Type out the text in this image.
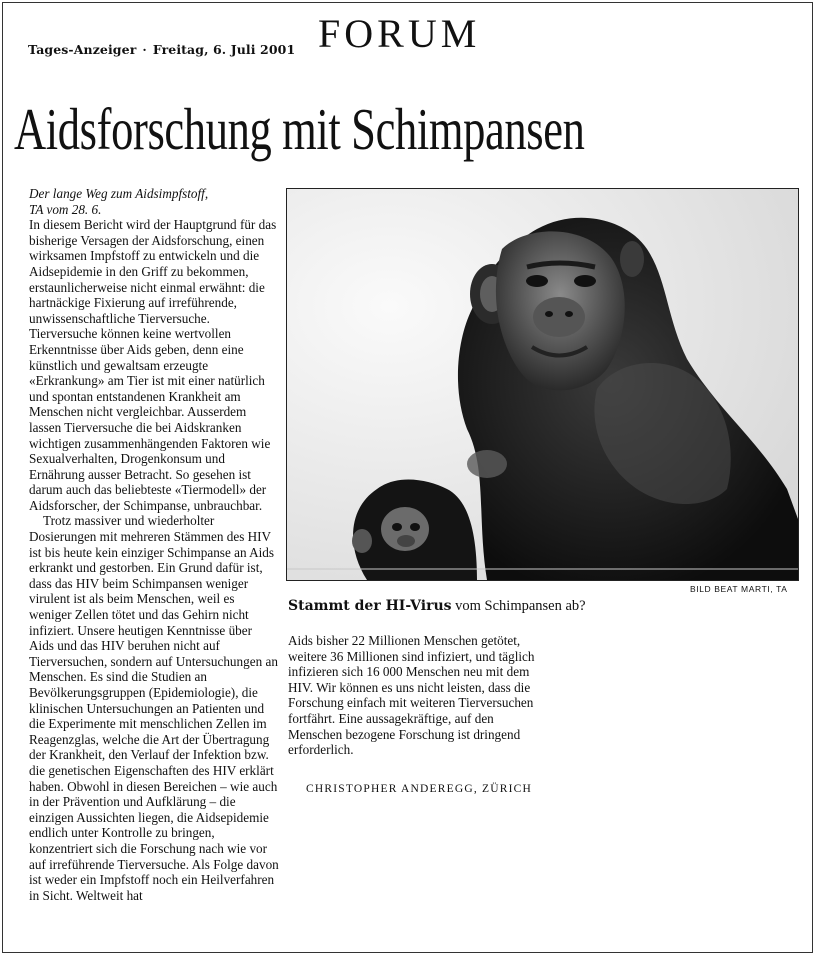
Tages-Anzeiger · Freitag, 6. Juli 2001 FORUM
Aidsforschung mit Schimpansen

Der lange Weg zum Aidsimpfstoff,
TA vom 28. 6.

In diesem Bericht wird der Hauptgrund für das bisherige Versagen der Aidsforschung, einen wirksamen Impfstoff zu entwickeln und die Aidsepidemie in den Griff zu bekommen, erstaunlicherweise nicht einmal erwähnt: die hartnäckige Fixierung auf irreführende, unwissenschaftliche Tierversuche. Tierversuche können keine wertvollen Erkenntnisse über Aids geben, denn eine künstlich und gewaltsam erzeugte «Erkrankung» am Tier ist mit einer natürlich und spontan entstandenen Krankheit am Menschen nicht vergleichbar. Ausserdem lassen Tierversuche die bei Aidskranken wichtigen zusammenhängenden Faktoren wie Sexualverhalten, Drogenkonsum und Ernährung ausser Betracht. So gesehen ist darum auch das beliebteste «Tiermodell» der Aidsforscher, der Schimpanse, unbrauchbar.

Trotz massiver und wiederholter Dosierungen mit mehreren Stämmen des HIV ist bis heute kein einziger Schimpanse an Aids erkrankt und gestorben. Ein Grund dafür ist, dass das HIV beim Schimpansen weniger virulent ist als beim Menschen, weil es weniger Zellen tötet und das Gehirn nicht infiziert. Unsere heutigen Kenntnisse über Aids und das HIV beruhen nicht auf Tierversuchen, sondern auf Untersuchungen an Menschen. Es sind die Studien an Bevölkerungsgruppen (Epidemiologie), die klinischen Untersuchungen an Patienten und die Experimente mit menschlichen Zellen im Reagenzglas, welche die Art der Übertragung der Krankheit, den Verlauf der Infektion bzw. die genetischen Eigenschaften des HIV erklärt haben. Obwohl in diesen Bereichen – wie auch in der Prävention und Aufklärung – die einzigen Aussichten liegen, die Aidsepidemie endlich unter Kontrolle zu bringen, konzentriert sich die Forschung nach wie vor auf irreführende Tierversuche. Als Folge davon ist weder ein Impfstoff noch ein Heilverfahren in Sicht. Weltweit hat

BILD BEAT MARTI, TA
Stammt der HI-Virus vom Schimpansen ab?

Aids bisher 22 Millionen Menschen getötet, weitere 36 Millionen sind infiziert, und täglich infizieren sich 16 000 Menschen neu mit dem HIV. Wir können es uns nicht leisten, dass die Forschung einfach mit weiteren Tierversuchen fortfährt. Eine aussagekräftige, auf den Menschen bezogene Forschung ist dringend erforderlich.

CHRISTOPHER ANDEREGG, ZÜRICH
